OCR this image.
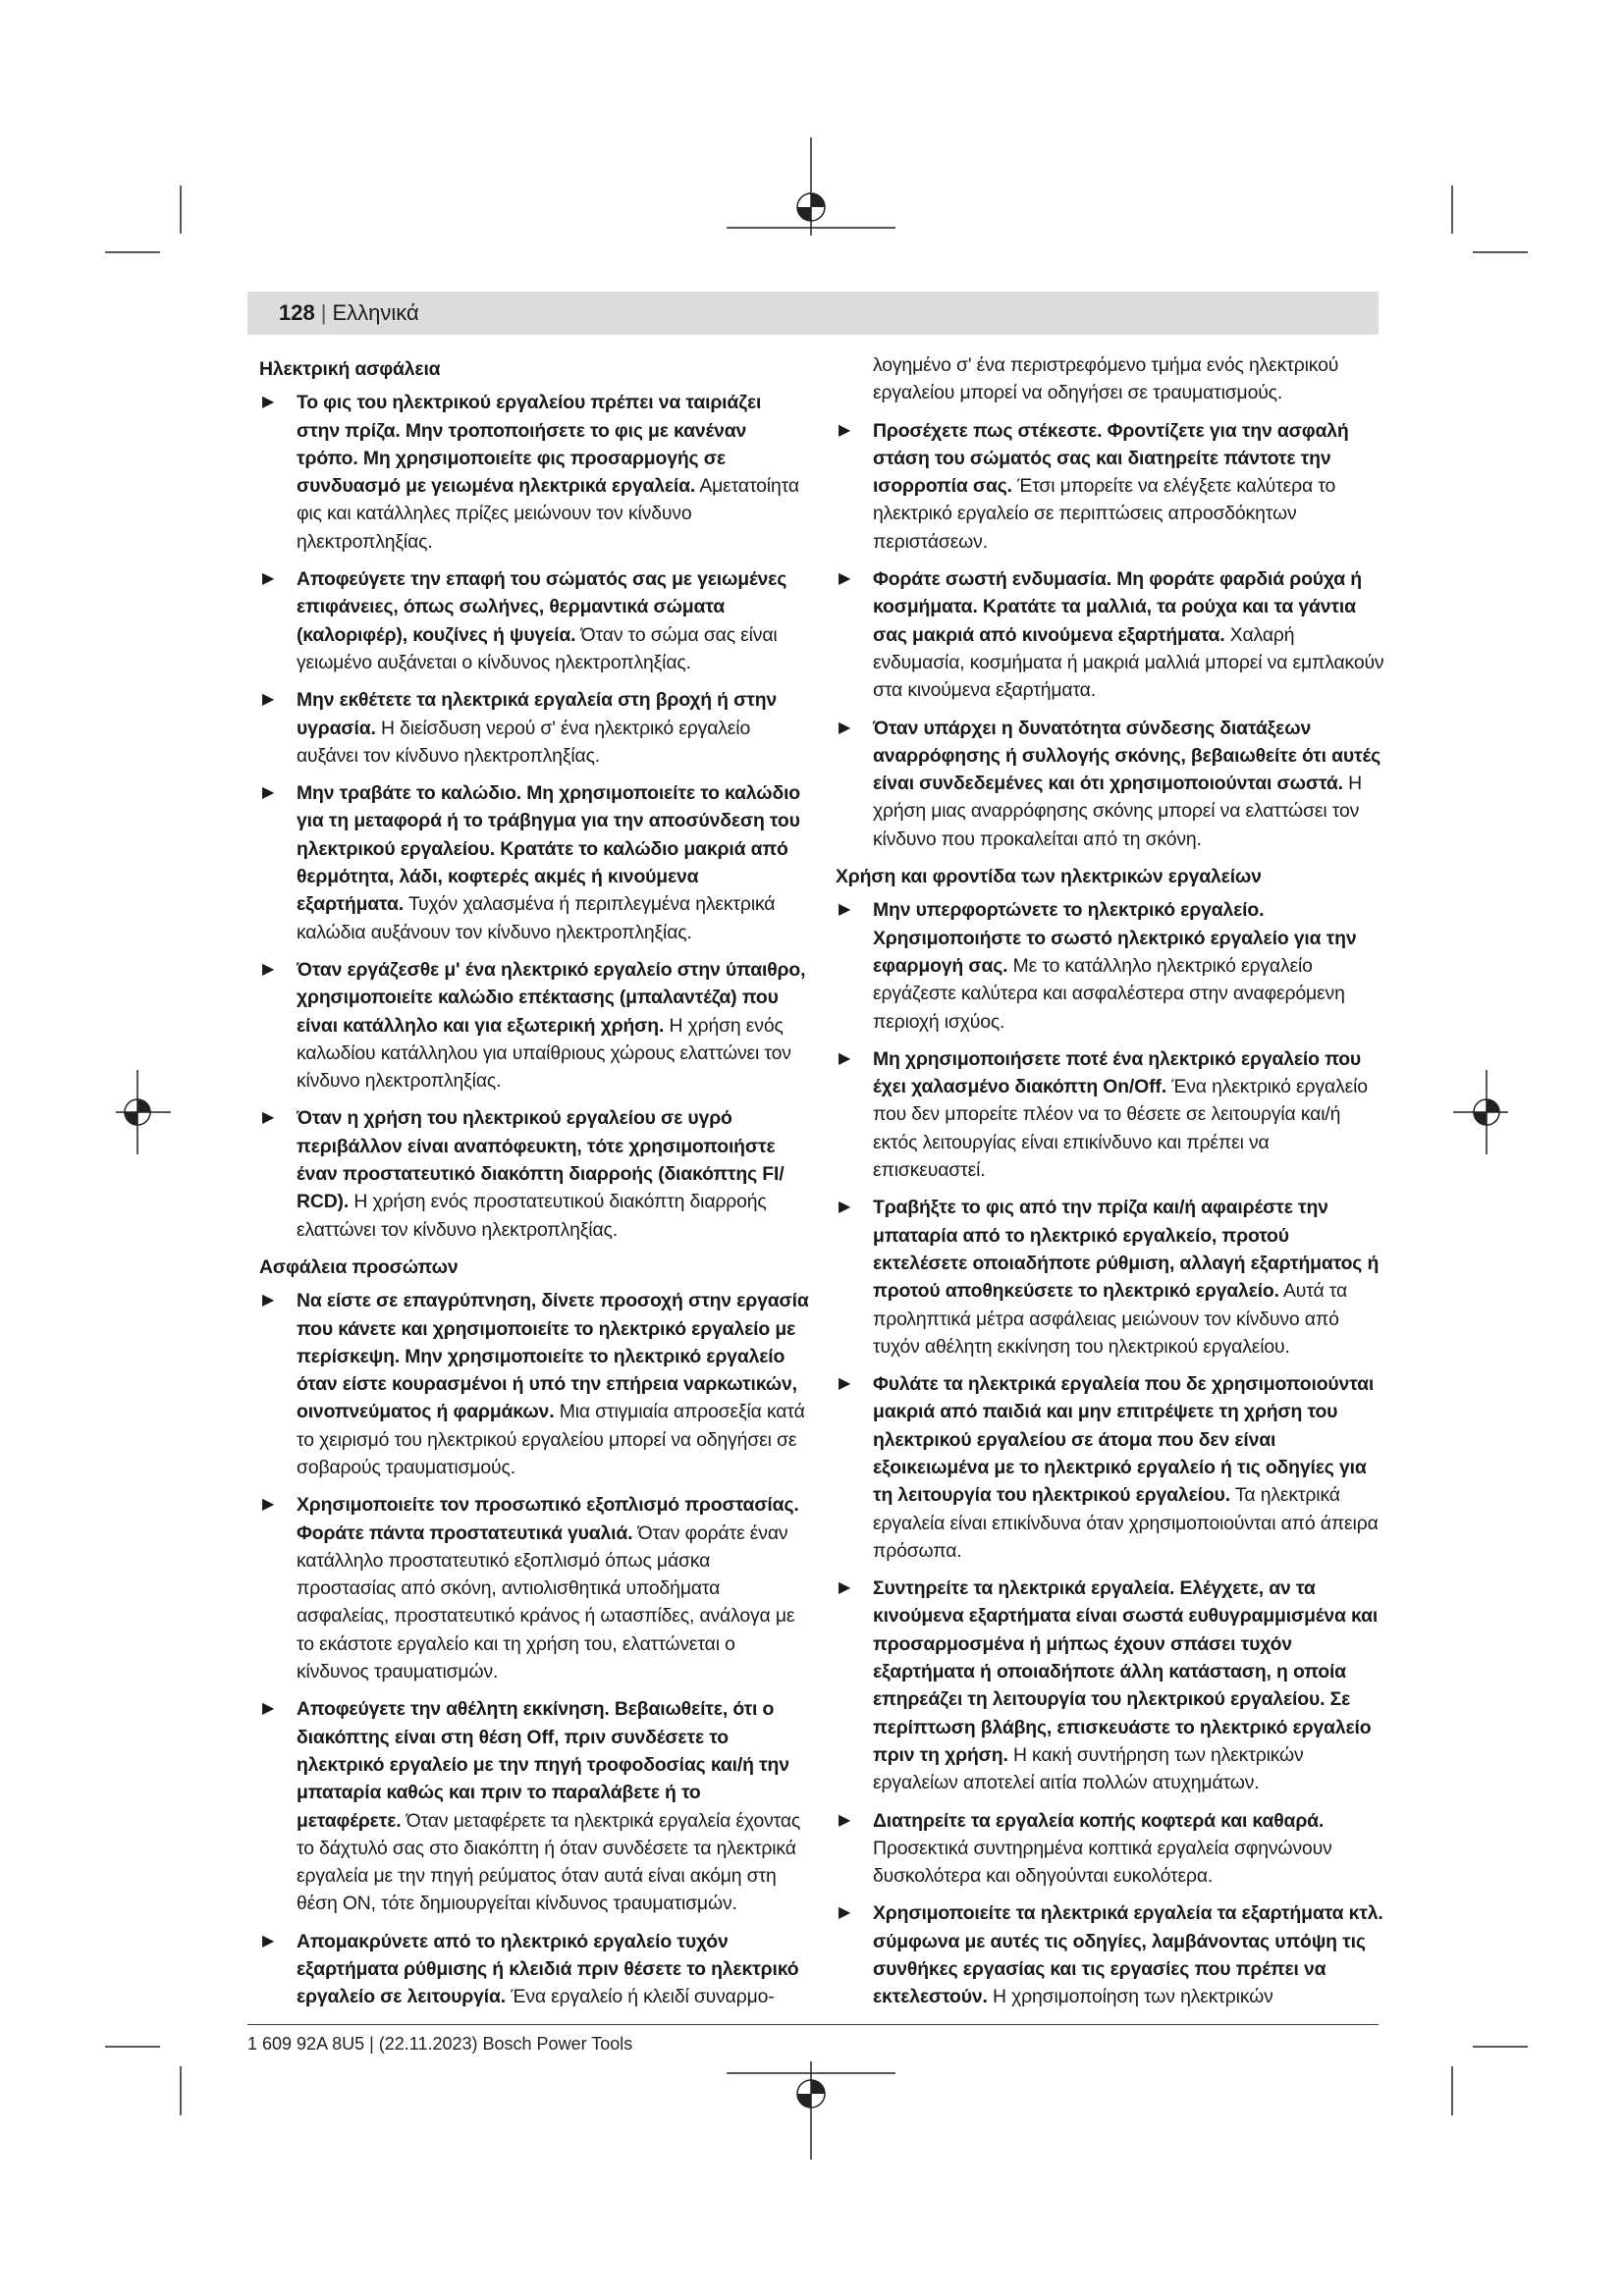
128 | Ελληνικά
Ηλεκτρική ασφάλεια
▶ Το φις του ηλεκτρικού εργαλείου πρέπει να ταιριάζει στην πρίζα. Μην τροποποιήσετε το φις με κανέναν τρόπο. Μη χρησιμοποιείτε φις προσαρμογής σε συνδυασμό με γειωμένα ηλεκτρικά εργαλεία. Αμετατοίητα φις και κατάλληλες πρίζες μειώνουν τον κίνδυνο ηλεκτροπληξίας.
▶ Αποφεύγετε την επαφή του σώματός σας με γειωμένες επιφάνειες, όπως σωλήνες, θερμαντικά σώματα (καλοριφέρ), κουζίνες ή ψυγεία. Όταν το σώμα σας είναι γειωμένο αυξάνεται ο κίνδυνος ηλεκτροπληξίας.
▶ Μην εκθέτετε τα ηλεκτρικά εργαλεία στη βροχή ή στην υγρασία. Η διείσδυση νερού σ' ένα ηλεκτρικό εργαλείο αυξάνει τον κίνδυνο ηλεκτροπληξίας.
▶ Μην τραβάτε το καλώδιο. Μη χρησιμοποιείτε το καλώδιο για τη μεταφορά ή το τράβηγμα για την αποσύνδεση του ηλεκτρικού εργαλείου. Κρατάτε το καλώδιο μακριά από θερμότητα, λάδι, κοφτερές ακμές ή κινούμενα εξαρτήματα. Τυχόν χαλασμένα ή περιπλεγμένα ηλεκτρικά καλώδια αυξάνουν τον κίνδυνο ηλεκτροπληξίας.
▶ Όταν εργάζεσθε μ' ένα ηλεκτρικό εργαλείο στην ύπαιθρο, χρησιμοποιείτε καλώδιο επέκτασης (μπαλαντέζα) που είναι κατάλληλο και για εξωτερική χρήση. Η χρήση ενός καλωδίου κατάλληλου για υπαίθριους χώρους ελαττώνει τον κίνδυνο ηλεκτροπληξίας.
▶ Όταν η χρήση του ηλεκτρικού εργαλείου σε υγρό περιβάλλον είναι αναπόφευκτη, τότε χρησιμοποιήστε έναν προστατευτικό διακόπτη διαρροής (διακόπτης FI/ RCD). Η χρήση ενός προστατευτικού διακόπτη διαρροής ελαττώνει τον κίνδυνο ηλεκτροπληξίας.
Ασφάλεια προσώπων
▶ Να είστε σε επαγρύπνηση, δίνετε προσοχή στην εργασία που κάνετε και χρησιμοποιείτε το ηλεκτρικό εργαλείο με περίσκεψη. Μην χρησιμοποιείτε το ηλεκτρικό εργαλείο όταν είστε κουρασμένοι ή υπό την επήρεια ναρκωτικών, οινοπνεύματος ή φαρμάκων. Μια στιγμιαία απροσεξία κατά το χειρισμό του ηλεκτρικού εργαλείου μπορεί να οδηγήσει σε σοβαρούς τραυματισμούς.
▶ Χρησιμοποιείτε τον προσωπικό εξοπλισμό προστασίας. Φοράτε πάντα προστατευτικά γυαλιά. Όταν φοράτε έναν κατάλληλο προστατευτικό εξοπλισμό όπως μάσκα προστασίας από σκόνη, αντιολισθητικά υποδήματα ασφαλείας, προστατευτικό κράνος ή ωτασπίδες, ανάλογα με το εκάστοτε εργαλείο και τη χρήση του, ελαττώνεται ο κίνδυνος τραυματισμών.
▶ Αποφεύγετε την αθέλητη εκκίνηση. Βεβαιωθείτε, ότι ο διακόπτης είναι στη θέση Off, πριν συνδέσετε το ηλεκτρικό εργαλείο με την πηγή τροφοδοσίας και/ή την μπαταρία καθώς και πριν το παραλάβετε ή το μεταφέρετε. Όταν μεταφέρετε τα ηλεκτρικά εργαλεία έχοντας το δάχτυλό σας στο διακόπτη ή όταν συνδέσετε τα ηλεκτρικά εργαλεία με την πηγή ρεύματος όταν αυτά είναι ακόμη στη θέση ON, τότε δημιουργείται κίνδυνος τραυματισμών.
▶ Απομακρύνετε από το ηλεκτρικό εργαλείο τυχόν εξαρτήματα ρύθμισης ή κλειδιά πριν θέσετε το ηλεκτρικό εργαλείο σε λειτουργία. Ένα εργαλείο ή κλειδί συναρμο-
λογημένο σ' ένα περιστρεφόμενο τμήμα ενός ηλεκτρικού εργαλείου μπορεί να οδηγήσει σε τραυματισμούς.
▶ Προσέχετε πως στέκεστε. Φροντίζετε για την ασφαλή στάση του σώματός σας και διατηρείτε πάντοτε την ισορροπία σας. Έτσι μπορείτε να ελέγξετε καλύτερα το ηλεκτρικό εργαλείο σε περιπτώσεις απροσδόκητων περιστάσεων.
▶ Φοράτε σωστή ενδυμασία. Μη φοράτε φαρδιά ρούχα ή κοσμήματα. Κρατάτε τα μαλλιά, τα ρούχα και τα γάντια σας μακριά από κινούμενα εξαρτήματα. Χαλαρή ενδυμασία, κοσμήματα ή μακριά μαλλιά μπορεί να εμπλακούν στα κινούμενα εξαρτήματα.
▶ Όταν υπάρχει η δυνατότητα σύνδεσης διατάξεων αναρρόφησης ή συλλογής σκόνης, βεβαιωθείτε ότι αυτές είναι συνδεδεμένες και ότι χρησιμοποιούνται σωστά. Η χρήση μιας αναρρόφησης σκόνης μπορεί να ελαττώσει τον κίνδυνο που προκαλείται από τη σκόνη.
Χρήση και φροντίδα των ηλεκτρικών εργαλείων
▶ Μην υπερφορτώνετε το ηλεκτρικό εργαλείο. Χρησιμοποιήστε το σωστό ηλεκτρικό εργαλείο για την εφαρμογή σας. Με το κατάλληλο ηλεκτρικό εργαλείο εργάζεστε καλύτερα και ασφαλέστερα στην αναφερόμενη περιοχή ισχύος.
▶ Μη χρησιμοποιήσετε ποτέ ένα ηλεκτρικό εργαλείο που έχει χαλασμένο διακόπτη On/Off. Ένα ηλεκτρικό εργαλείο που δεν μπορείτε πλέον να το θέσετε σε λειτουργία και/ή εκτός λειτουργίας είναι επικίνδυνο και πρέπει να επισκευαστεί.
▶ Τραβήξτε το φις από την πρίζα και/ή αφαιρέστε την μπαταρία από το ηλεκτρικό εργαλκείο, προτού εκτελέσετε οποιαδήποτε ρύθμιση, αλλαγή εξαρτήματος ή προτού αποθηκεύσετε το ηλεκτρικό εργαλείο. Αυτά τα προληπτικά μέτρα ασφάλειας μειώνουν τον κίνδυνο από τυχόν αθέλητη εκκίνηση του ηλεκτρικού εργαλείου.
▶ Φυλάτε τα ηλεκτρικά εργαλεία που δε χρησιμοποιούνται μακριά από παιδιά και μην επιτρέψετε τη χρήση του ηλεκτρικού εργαλείου σε άτομα που δεν είναι εξοικειωμένα με το ηλεκτρικό εργαλείο ή τις οδηγίες για τη λειτουργία του ηλεκτρικού εργαλείου. Τα ηλεκτρικά εργαλεία είναι επικίνδυνα όταν χρησιμοποιούνται από άπειρα πρόσωπα.
▶ Συντηρείτε τα ηλεκτρικά εργαλεία. Ελέγχετε, αν τα κινούμενα εξαρτήματα είναι σωστά ευθυγραμμισμένα και προσαρμοσμένα ή μήπως έχουν σπάσει τυχόν εξαρτήματα ή οποιαδήποτε άλλη κατάσταση, η οποία επηρεάζει τη λειτουργία του ηλεκτρικού εργαλείου. Σε περίπτωση βλάβης, επισκευάστε το ηλεκτρικό εργαλείο πριν τη χρήση. Η κακή συντήρηση των ηλεκτρικών εργαλείων αποτελεί αιτία πολλών ατυχημάτων.
▶ Διατηρείτε τα εργαλεία κοπής κοφτερά και καθαρά. Προσεκτικά συντηρημένα κοπτικά εργαλεία σφηνώνουν δυσκολότερα και οδηγούνται ευκολότερα.
▶ Χρησιμοποιείτε τα ηλεκτρικά εργαλεία τα εξαρτήματα κτλ. σύμφωνα με αυτές τις οδηγίες, λαμβάνοντας υπόψη τις συνθήκες εργασίας και τις εργασίες που πρέπει να εκτελεστούν. Η χρησιμοποίηση των ηλεκτρικών
1 609 92A 8U5 | (22.11.2023) Bosch Power Tools
